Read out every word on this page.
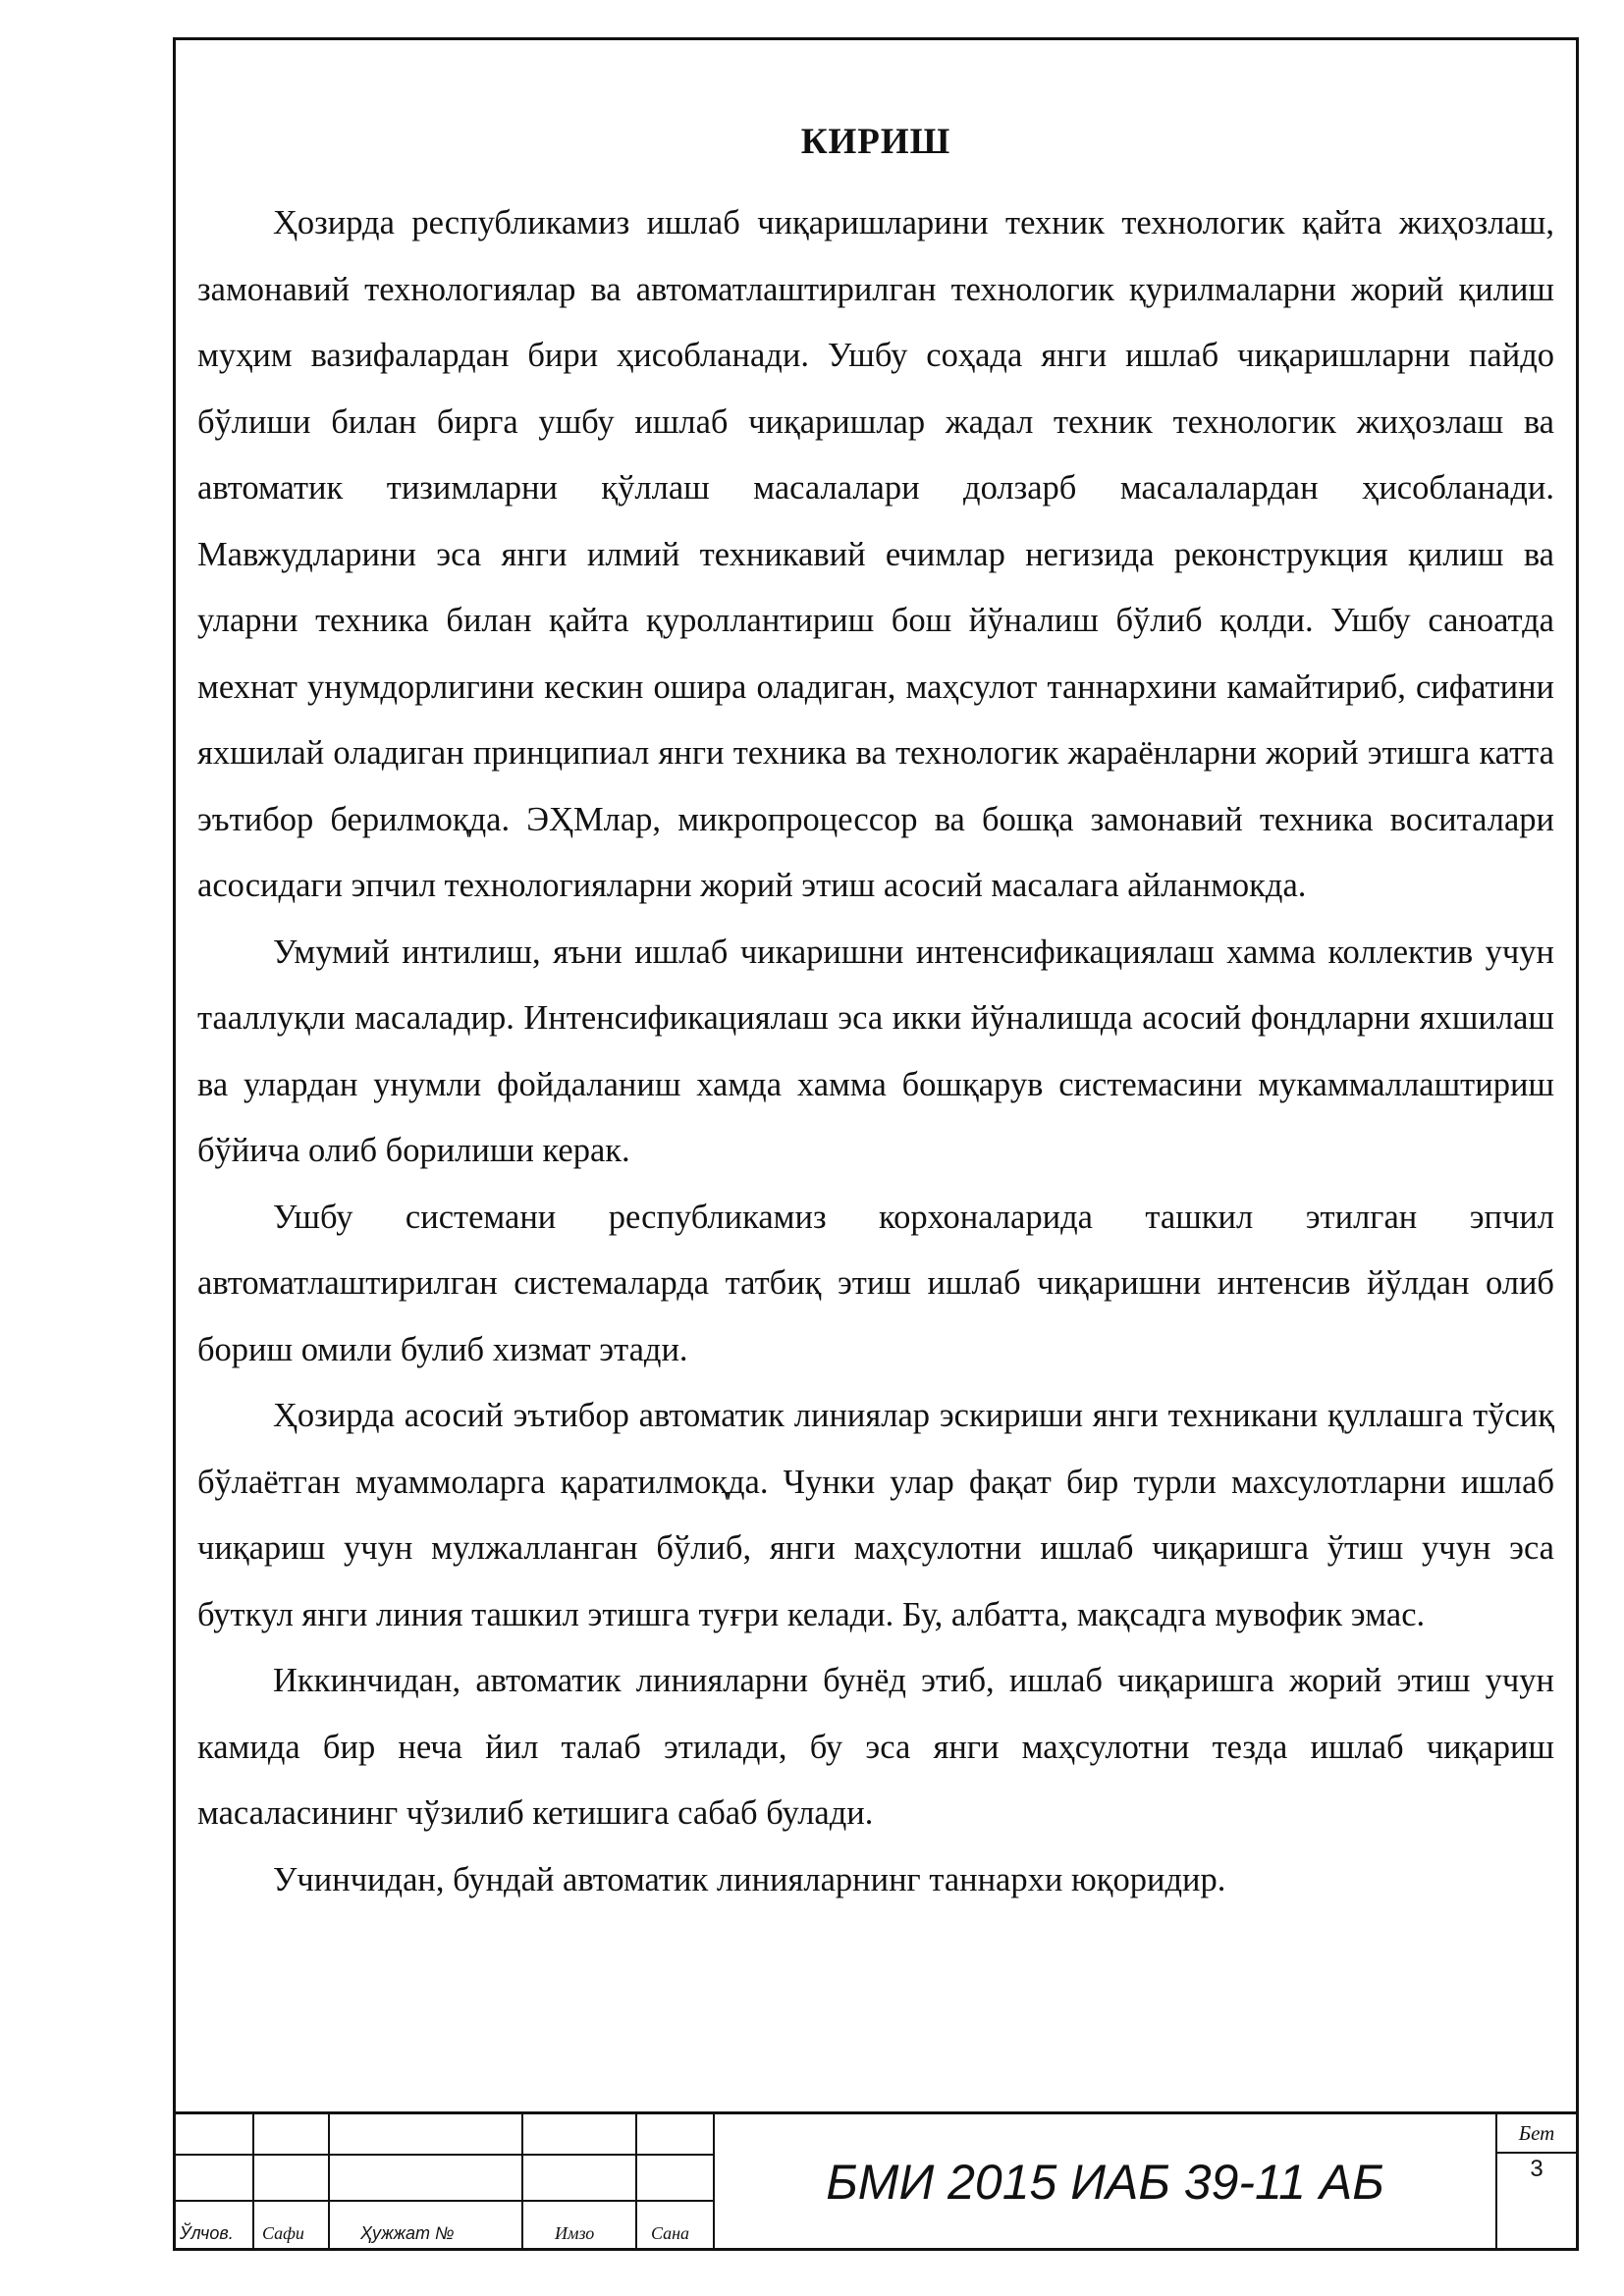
КИРИШ

Ҳозирда республикамиз ишлаб чиқаришларини техник технологик қайта жиҳозлаш, замонавий технологиялар ва автоматлаштирилган технологик қурилмаларни жорий қилиш муҳим вазифалардан бири ҳисобланади. Ушбу соҳада янги ишлаб чиқаришларни пайдо бўлиши билан бирга ушбу ишлаб чиқаришлар жадал техник технологик жиҳозлаш ва автоматик тизимларни қўллаш масалалари долзарб масалалардан ҳисобланади. Мавжудларини эса янги илмий техникавий ечимлар негизида реконструкция қилиш ва уларни техника билан қайта қуроллантириш бош йўналиш бўлиб қолди. Ушбу саноатда мехнат унумдорлигини кескин ошира оладиган, маҳсулот таннархини камайтириб, сифатини яхшилай оладиган принципиал янги техника ва технологик жараёнларни жорий этишга катта эътибор берилмоқда. ЭҲМлар, микропроцессор ва бошқа замонавий техника воситалари асосидаги эпчил технологияларни жорий этиш асосий масалага айланмокда.

Умумий интилиш, яъни ишлаб чикаришни интенсификациялаш хамма коллектив учун тааллуқли масаладир. Интенсификациялаш эса икки йўналишда асосий фондларни яхшилаш ва улардан унумли фойдаланиш хамда хамма бошқарув системасини мукаммаллаштириш бўйича олиб борилиши керак.

Ушбу системани республикамиз корхоналарида ташкил этилган эпчил автоматлаштирилган системаларда татбиқ этиш ишлаб чиқаришни интенсив йўлдан олиб бориш омили булиб хизмат этади.

Ҳозирда асосий эътибор автоматик линиялар эскириши янги техникани қуллашга тўсиқ бўлаётган муаммоларга қаратилмоқда. Чунки улар фақат бир турли махсулотларни ишлаб чиқариш учун мулжалланган бўлиб, янги маҳсулотни ишлаб чиқаришга ўтиш учун эса буткул янги линия ташкил этишга туғри келади. Бу, албатта, мақсадга мувофик эмас.

Иккинчидан, автоматик линияларни бунёд этиб, ишлаб чиқаришга жорий этиш учун камида бир неча йил талаб этилади, бу эса янги маҳсулотни тезда ишлаб чиқариш масаласининг чўзилиб кетишига сабаб булади.

Учинчидан, бундай автоматик линияларнинг таннархи юқоридир.

Ўлчов. Сафи	Ҳужжат №	Имзо	Сана
БМИ 2015 ИАБ 39-11 АБ
Бет
3
